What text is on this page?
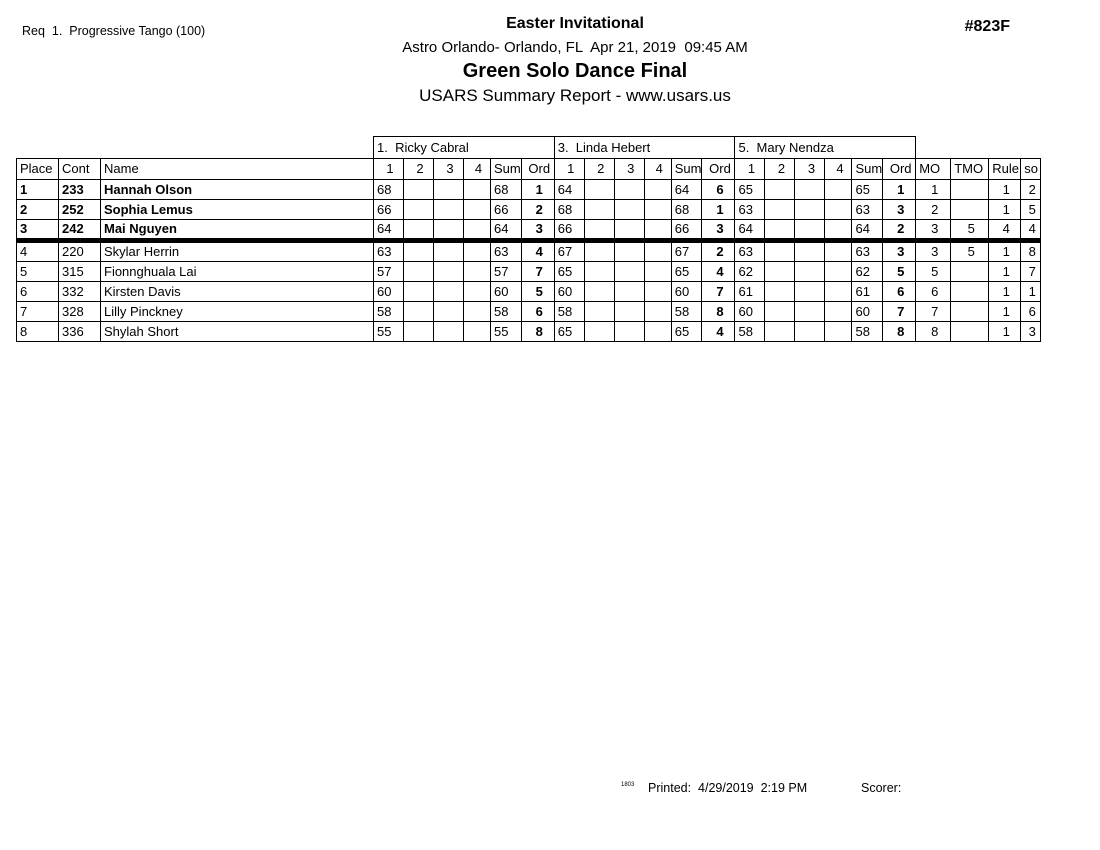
Req  1.  Progressive Tango (100)	#823F
Easter Invitational
Astro Orlando- Orlando, FL  Apr 21, 2019  09:45 AM
Green Solo Dance Final
USARS Summary Report - www.usars.us
			1.  Ricky Cabral						3.  Linda Hebert						5.  Mary Nendza									
Place	Cont	Name	1	2	3	4	Sum	Ord	1	2	3	4	Sum	Ord	1	2	3	4	Sum	Ord	MO	TMO	Rule	so
1	233	Hannah Olson	68				68	1	64				64	6	65				65	1	1		1	2
2	252	Sophia Lemus	66				66	2	68				68	1	63				63	3	2		1	5
3	242	Mai Nguyen	64				64	3	66				66	3	64				64	2	3	5	4	4
4	220	Skylar Herrin	63				63	4	67				67	2	63				63	3	3	5	1	8
5	315	Fionnghuala Lai	57				57	7	65				65	4	62				62	5	5		1	7
6	332	Kirsten Davis	60				60	5	60				60	7	61				61	6	6		1	1
7	328	Lilly Pinckney	58				58	6	58				58	8	60				60	7	7		1	6
8	336	Shylah Short	55				55	8	65				65	4	58				58	8	8		1	3
1803 Printed:  4/29/2019  2:19 PM	Scorer:
